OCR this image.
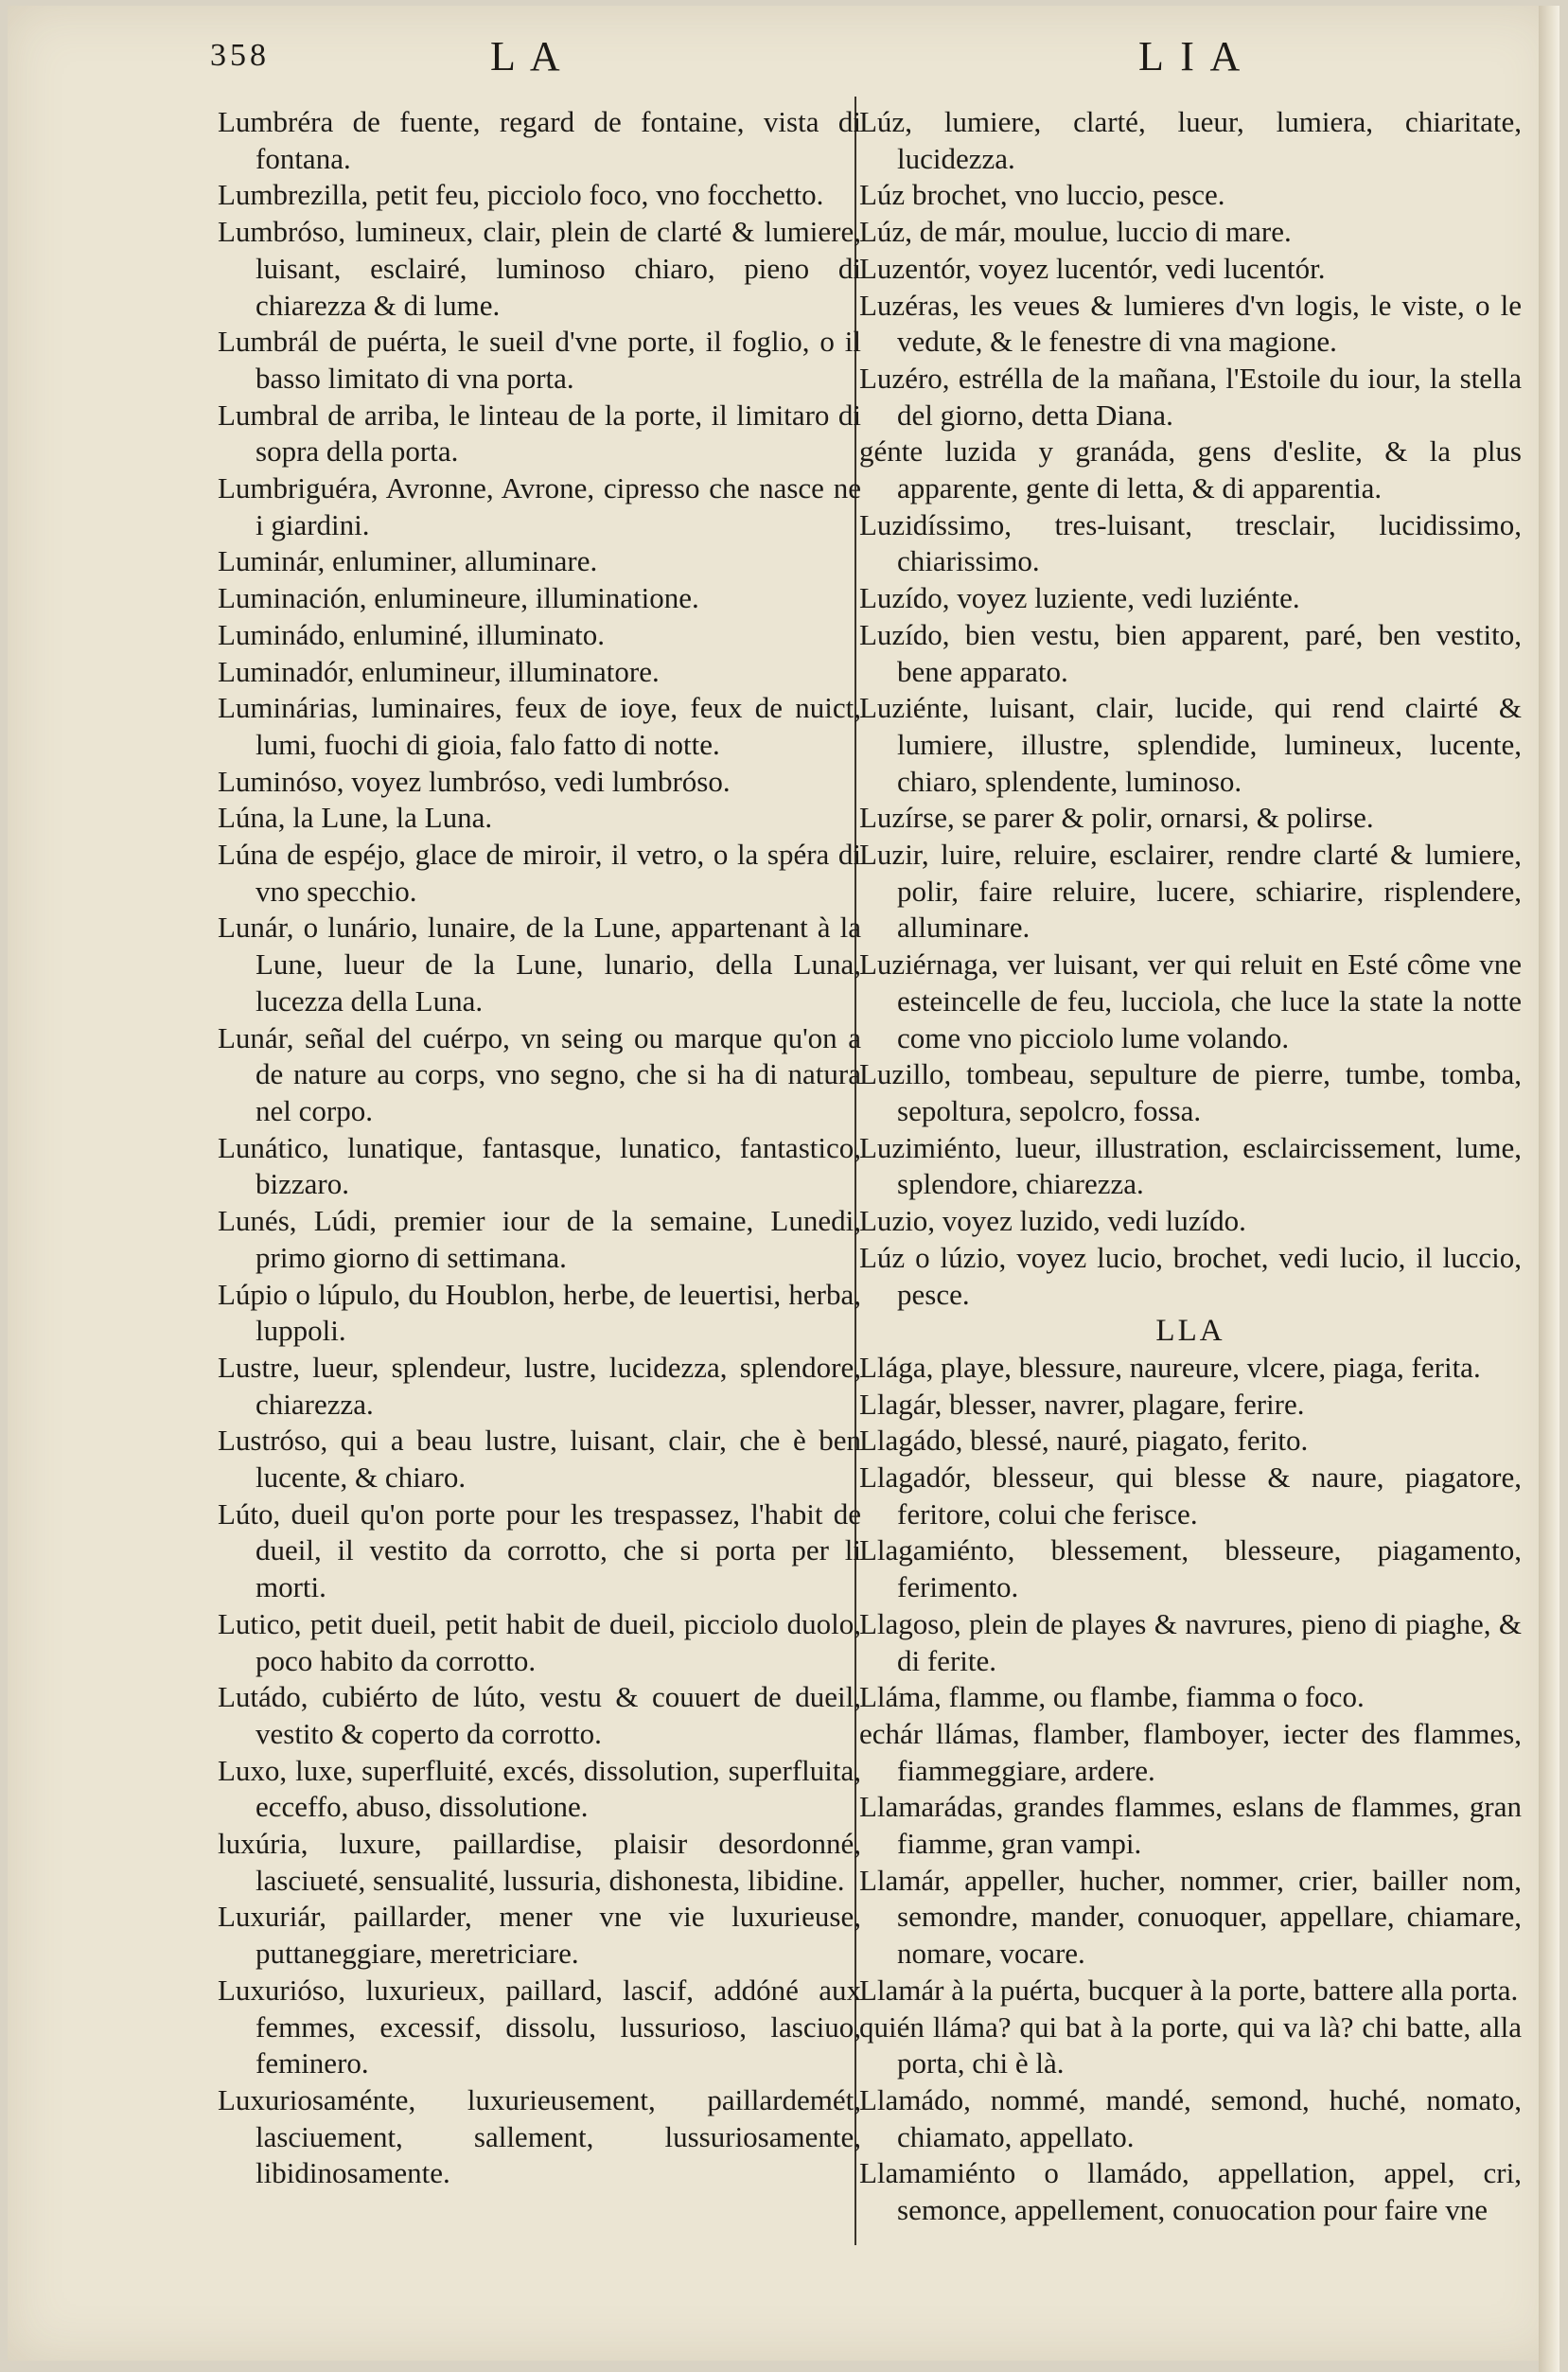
358	L A	L I A

Lumbréra de fuente, regard de fontaine, vista di fontana.

Lumbrezilla, petit feu, picciolo foco, vno focchetto.

Lumbróso, lumineux, clair, plein de clarté & lumiere, luisant, esclairé, luminoso chiaro, pieno di chiarezza & di lume.

Lumbrál de puérta, le sueil d'vne porte, il foglio, o il basso limitato di vna porta.

Lumbral de arriba, le linteau de la porte, il limitaro di sopra della porta.

Lumbriguéra, Avronne, Avrone, cipresso che nasce ne i giardini.

Luminár, enluminer, alluminare.

Luminación, enlumineure, illuminatione.

Luminádo, enluminé, illuminato.

Luminadór, enlumineur, illuminatore.

Luminárias, luminaires, feux de ioye, feux de nuict, lumi, fuochi di gioia, falo fatto di notte.

Luminóso, voyez lumbróso, vedi lumbróso.

Lúna, la Lune, la Luna.

Lúna de espéjo, glace de miroir, il vetro, o la spéra di vno specchio.

Lunár, o lunário, lunaire, de la Lune, appartenant à la Lune, lueur de la Lune, lunario, della Luna, lucezza della Luna.

Lunár, señal del cuérpo, vn seing ou marque qu'on a de nature au corps, vno segno, che si ha di natura nel corpo.

Lunático, lunatique, fantasque, lunatico, fantastico, bizzaro.

Lunés, Lúdi, premier iour de la semaine, Lunedi, primo giorno di settimana.

Lúpio o lúpulo, du Houblon, herbe, de leuertisi, herba, luppoli.

Lustre, lueur, splendeur, lustre, lucidezza, splendore, chiarezza.

Lustróso, qui a beau lustre, luisant, clair, che è ben lucente, & chiaro.

Lúto, dueil qu'on porte pour les trespassez, l'habit de dueil, il vestito da corrotto, che si porta per li morti.

Lutico, petit dueil, petit habit de dueil, picciolo duolo, poco habito da corrotto.

Lutádo, cubiérto de lúto, vestu & couuert de dueil, vestito & coperto da corrotto.

Luxo, luxe, superfluité, excés, dissolution, superfluita, ecceffo, abuso, dissolutione.

luxúria, luxure, paillardise, plaisir desordonné, lasciueté, sensualité, lussuria, dishonesta, libidine.

Luxuriár, paillarder, mener vne vie luxurieuse, puttaneggiare, meretriciare.

Luxurióso, luxurieux, paillard, lascif, addóné aux femmes, excessif, dissolu, lussurioso, lasciuo, feminero.

Luxuriosaménte, luxurieusement, paillardemét, lasciuement, sallement, lussuriosamente, libidinosamente.

Lúz, lumiere, clarté, lueur, lumiera, chiaritate, lucidezza.

Lúz brochet, vno luccio, pesce.

Lúz, de már, moulue, luccio di mare.

Luzentór, voyez lucentór, vedi lucentór.

Luzéras, les veues & lumieres d'vn logis, le viste, o le vedute, & le fenestre di vna magione.

Luzéro, estrélla de la mañana, l'Estoile du iour, la stella del giorno, detta Diana.

génte luzida y granáda, gens d'eslite, & la plus apparente, gente di letta, & di apparentia.

Luzidíssimo, tres-luisant, tresclair, lucidissimo, chiarissimo.

Luzído, voyez luziente, vedi luziénte.

Luzído, bien vestu, bien apparent, paré, ben vestito, bene apparato.

Luziénte, luisant, clair, lucide, qui rend clairté & lumiere, illustre, splendide, lumineux, lucente, chiaro, splendente, luminoso.

Luzírse, se parer & polir, ornarsi, & polirse.

Luzir, luire, reluire, esclairer, rendre clarté & lumiere, polir, faire reluire, lucere, schiarire, risplendere, alluminare.

Luziérnaga, ver luisant, ver qui reluit en Esté côme vne esteincelle de feu, lucciola, che luce la state la notte come vno picciolo lume volando.

Luzillo, tombeau, sepulture de pierre, tumbe, tomba, sepoltura, sepolcro, fossa.

Luzimiénto, lueur, illustration, esclaircissement, lume, splendore, chiarezza.

Luzio, voyez luzido, vedi luzído.

Lúz o lúzio, voyez lucio, brochet, vedi lucio, il luccio, pesce.

LLA

Llága, playe, blessure, naureure, vlcere, piaga, ferita.

Llagár, blesser, navrer, plagare, ferire.

Llagádo, blessé, nauré, piagato, ferito.

Llagadór, blesseur, qui blesse & naure, piagatore, feritore, colui che ferisce.

Llagamiénto, blessement, blesseure, piagamento, ferimento.

Llagoso, plein de playes & navrures, pieno di piaghe, & di ferite.

Lláma, flamme, ou flambe, fiamma o foco.

echár llámas, flamber, flamboyer, iecter des flammes, fiammeggiare, ardere.

Llamarádas, grandes flammes, eslans de flammes, gran fiamme, gran vampi.

Llamár, appeller, hucher, nommer, crier, bailler nom, semondre, mander, conuoquer, appellare, chiamare, nomare, vocare.

Llamár à la puérta, bucquer à la porte, battere alla porta.

quién lláma? qui bat à la porte, qui va là? chi batte, alla porta, chi è là.

Llamádo, nommé, mandé, semond, huché, nomato, chiamato, appellato.

Llamamiénto o llamádo, appellation, appel, cri, semonce, appellement, conuocation pour faire vne
